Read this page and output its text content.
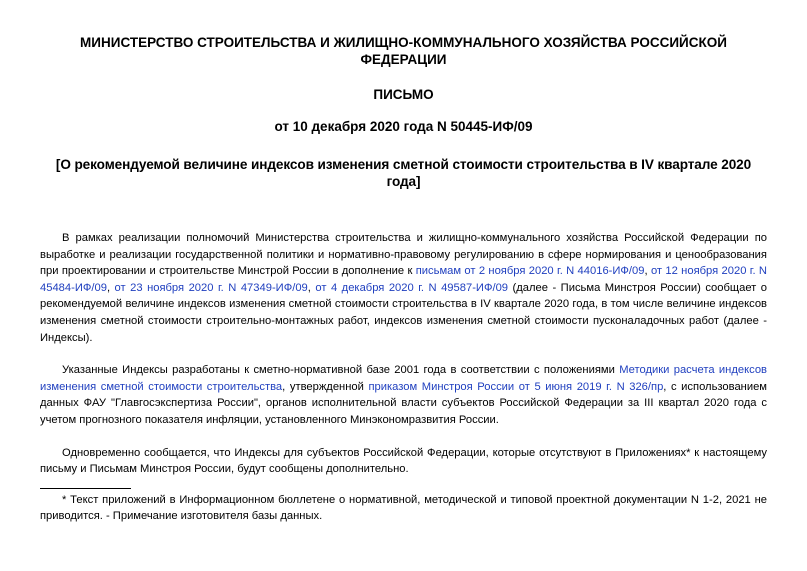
МИНИСТЕРСТВО СТРОИТЕЛЬСТВА И ЖИЛИЩНО-КОММУНАЛЬНОГО ХОЗЯЙСТВА РОССИЙСКОЙ ФЕДЕРАЦИИ

ПИСЬМО

от 10 декабря 2020 года N 50445-ИФ/09

[О рекомендуемой величине индексов изменения сметной стоимости строительства в IV квартале 2020 года]

В рамках реализации полномочий Министерства строительства и жилищно-коммунального хозяйства Российской Федерации по выработке и реализации государственной политики и нормативно-правовому регулированию в сфере нормирования и ценообразования при проектировании и строительстве Минстрой России в дополнение к письмам от 2 ноября 2020 г. N 44016-ИФ/09, от 12 ноября 2020 г. N 45484-ИФ/09, от 23 ноября 2020 г. N 47349-ИФ/09, от 4 декабря 2020 г. N 49587-ИФ/09 (далее - Письма Минстроя России) сообщает о рекомендуемой величине индексов изменения сметной стоимости строительства в IV квартале 2020 года, в том числе величине индексов изменения сметной стоимости строительно-монтажных работ, индексов изменения сметной стоимости пусконаладочных работ (далее - Индексы).

Указанные Индексы разработаны к сметно-нормативной базе 2001 года в соответствии с положениями Методики расчета индексов изменения сметной стоимости строительства, утвержденной приказом Минстроя России от 5 июня 2019 г. N 326/пр, с использованием данных ФАУ "Главгосэкспертиза России", органов исполнительной власти субъектов Российской Федерации за III квартал 2020 года с учетом прогнозного показателя инфляции, установленного Минэкономразвития России.

Одновременно сообщается, что Индексы для субъектов Российской Федерации, которые отсутствуют в Приложениях* к настоящему письму и Письмам Минстроя России, будут сообщены дополнительно.

* Текст приложений в Информационном бюллетене о нормативной, методической и типовой проектной документации N 1-2, 2021 не приводится. - Примечание изготовителя базы данных.
